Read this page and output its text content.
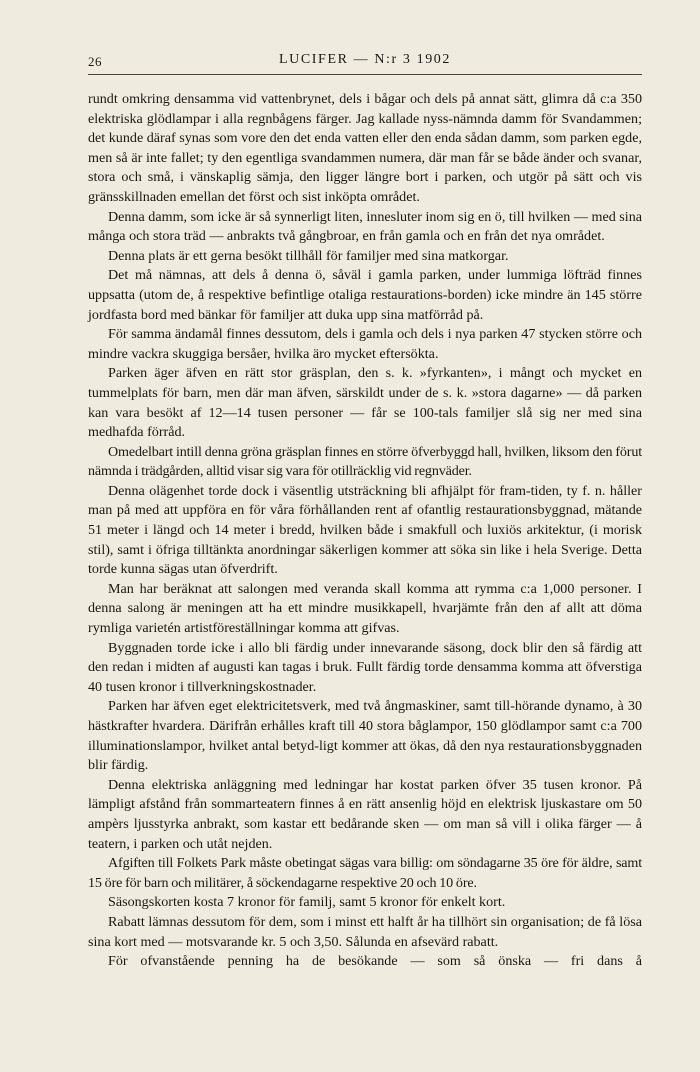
26	LUCIFER — N:r 3 1902

rundt omkring densamma vid vattenbrynet, dels i bågar och dels på annat sätt, glimra då c:a 350 elektriska glödlampar i alla regnbågens färger. Jag kallade nyss-nämnda damm för Svandammen; det kunde däraf synas som vore den det enda vatten eller den enda sådan damm, som parken egde, men så är inte fallet; ty den egentliga svandammen numera, där man får se både änder och svanar, stora och små, i vänskaplig sämja, den ligger längre bort i parken, och utgör på sätt och vis gränsskillnaden emellan det först och sist inköpta området.

Denna damm, som icke är så synnerligt liten, innesluter inom sig en ö, till hvilken — med sina många och stora träd — anbrakts två gångbroar, en från gamla och en från det nya området.

Denna plats är ett gerna besökt tillhåll för familjer med sina matkorgar.

Det må nämnas, att dels å denna ö, såväl i gamla parken, under lummiga löfträd finnes uppsatta (utom de, å respektive befintlige otaliga restaurations-borden) icke mindre än 145 större jordfasta bord med bänkar för familjer att duka upp sina matförråd på.

För samma ändamål finnes dessutom, dels i gamla och dels i nya parken 47 stycken större och mindre vackra skuggiga bersåer, hvilka äro mycket eftersökta.

Parken äger äfven en rätt stor gräsplan, den s. k. »fyrkanten», i mångt och mycket en tummelplats för barn, men där man äfven, särskildt under de s. k. »stora dagarne» — då parken kan vara besökt af 12—14 tusen personer — får se 100-tals familjer slå sig ner med sina medhafda förråd.

Omedelbart intill denna gröna gräsplan finnes en större öfverbyggd hall, hvilken, liksom den förut nämnda i trädgården, alltid visar sig vara för otillräcklig vid regnväder.

Denna olägenhet torde dock i väsentlig utsträckning bli afhjälpt för fram-tiden, ty f. n. håller man på med att uppföra en för våra förhållanden rent af ofantlig restaurationsbyggnad, mätande 51 meter i längd och 14 meter i bredd, hvilken både i smakfull och luxiös arkitektur, (i morisk stil), samt i öfriga tilltänkta anordningar säkerligen kommer att söka sin like i hela Sverige. Detta torde kunna sägas utan öfverdrift.

Man har beräknat att salongen med veranda skall komma att rymma c:a 1,000 personer. I denna salong är meningen att ha ett mindre musikkapell, hvarjämte från den af allt att döma rymliga varietén artistföreställningar komma att gifvas.

Byggnaden torde icke i allo bli färdig under innevarande säsong, dock blir den så färdig att den redan i midten af augusti kan tagas i bruk. Fullt färdig torde densamma komma att öfverstiga 40 tusen kronor i tillverkningskostnader.

Parken har äfven eget elektricitetsverk, med två ångmaskiner, samt till-hörande dynamo, à 30 hästkrafter hvardera. Därifrån erhålles kraft till 40 stora båglampor, 150 glödlampor samt c:a 700 illuminationslampor, hvilket antal betyd-ligt kommer att ökas, då den nya restaurationsbyggnaden blir färdig.

Denna elektriska anläggning med ledningar har kostat parken öfver 35 tusen kronor. På lämpligt afstånd från sommarteatern finnes å en rätt ansenlig höjd en elektrisk ljuskastare om 50 ampèrs ljusstyrka anbrakt, som kastar ett bedårande sken — om man så vill i olika färger — å teatern, i parken och utåt nejden.

Afgiften till Folkets Park måste obetingat sägas vara billig: om söndagarne 35 öre för äldre, samt 15 öre för barn och militärer, å söckendagarne respektive 20 och 10 öre.

Säsongskorten kosta 7 kronor för familj, samt 5 kronor för enkelt kort.

Rabatt lämnas dessutom för dem, som i minst ett halft år ha tillhört sin organisation; de få lösa sina kort med — motsvarande kr. 5 och 3,50. Sålunda en afsevärd rabatt.

För ofvanstående penning ha de besökande — som så önska — fri dans å
